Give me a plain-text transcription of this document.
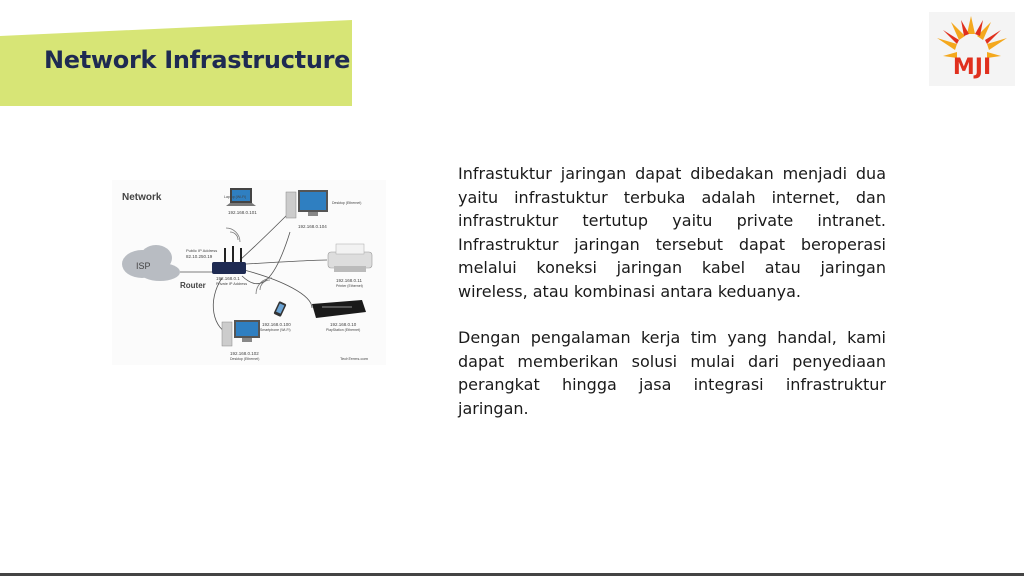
Network Infrastructure	MJI
Network
ISP
Public IP Address
82.10.250.19
Router
192.168.0.1
Private IP Address
Laptop (Wi-Fi)
192.168.0.101
Desktop (Ethernet)
192.168.0.104
192.168.0.11
Printer (Ethernet)
192.168.0.10
PlayStation (Ethernet)
192.168.0.100
Smartphone (Wi-Fi)
192.168.0.102
Desktop (Ethernet)	TechTerms.com

Infrastuktur jaringan dapat dibedakan menjadi dua yaitu infrastuktur terbuka adalah internet, dan infrastruktur tertutup yaitu private intranet. Infrastruktur jaringan tersebut dapat beroperasi melalui koneksi jaringan kabel atau jaringan wireless, atau kombinasi antara keduanya.

Dengan pengalaman kerja tim yang handal, kami dapat memberikan solusi mulai dari penyediaan perangkat hingga jasa integrasi infrastruktur jaringan.
